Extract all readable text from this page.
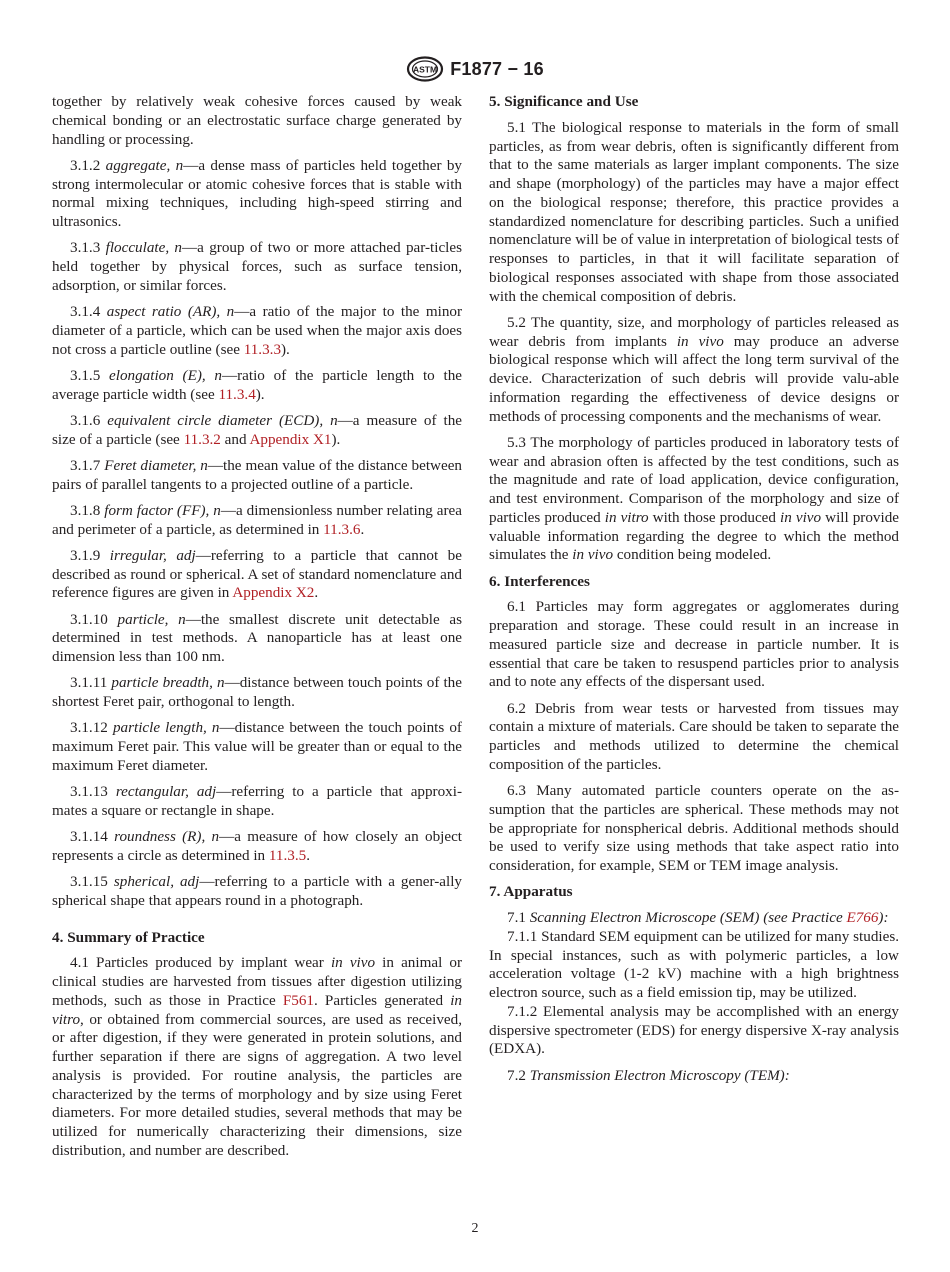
ASTM F1877 − 16

together by relatively weak cohesive forces caused by weak chemical bonding or an electrostatic surface charge generated by handling or processing.

3.1.2 aggregate, n—a dense mass of particles held together by strong intermolecular or atomic cohesive forces that is stable with normal mixing techniques, including high-speed stirring and ultrasonics.

3.1.3 flocculate, n—a group of two or more attached par-ticles held together by physical forces, such as surface tension, adsorption, or similar forces.

3.1.4 aspect ratio (AR), n—a ratio of the major to the minor diameter of a particle, which can be used when the major axis does not cross a particle outline (see 11.3.3).

3.1.5 elongation (E), n—ratio of the particle length to the average particle width (see 11.3.4).

3.1.6 equivalent circle diameter (ECD), n—a measure of the size of a particle (see 11.3.2 and Appendix X1).

3.1.7 Feret diameter, n—the mean value of the distance between pairs of parallel tangents to a projected outline of a particle.

3.1.8 form factor (FF), n—a dimensionless number relating area and perimeter of a particle, as determined in 11.3.6.

3.1.9 irregular, adj—referring to a particle that cannot be described as round or spherical. A set of standard nomenclature and reference figures are given in Appendix X2.

3.1.10 particle, n—the smallest discrete unit detectable as determined in test methods. A nanoparticle has at least one dimension less than 100 nm.

3.1.11 particle breadth, n—distance between touch points of the shortest Feret pair, orthogonal to length.

3.1.12 particle length, n—distance between the touch points of maximum Feret pair. This value will be greater than or equal to the maximum Feret diameter.

3.1.13 rectangular, adj—referring to a particle that approxi-mates a square or rectangle in shape.

3.1.14 roundness (R), n—a measure of how closely an object represents a circle as determined in 11.3.5.

3.1.15 spherical, adj—referring to a particle with a gener-ally spherical shape that appears round in a photograph.

4. Summary of Practice

4.1 Particles produced by implant wear in vivo in animal or clinical studies are harvested from tissues after digestion utilizing methods, such as those in Practice F561. Particles generated in vitro, or obtained from commercial sources, are used as received, or after digestion, if they were generated in protein solutions, and further separation if there are signs of aggregation. A two level analysis is provided. For routine analysis, the particles are characterized by the terms of morphology and by size using Feret diameters. For more detailed studies, several methods that may be utilized for numerically characterizing their dimensions, size distribution, and number are described.

5. Significance and Use

5.1 The biological response to materials in the form of small particles, as from wear debris, often is significantly different from that to the same materials as larger implant components. The size and shape (morphology) of the particles may have a major effect on the biological response; therefore, this practice provides a standardized nomenclature for describing particles. Such a unified nomenclature will be of value in interpretation of biological tests of responses to particles, in that it will facilitate separation of biological responses associated with shape from those associated with the chemical composition of debris.

5.2 The quantity, size, and morphology of particles released as wear debris from implants in vivo may produce an adverse biological response which will affect the long term survival of the device. Characterization of such debris will provide valu-able information regarding the effectiveness of device designs or methods of processing components and the mechanisms of wear.

5.3 The morphology of particles produced in laboratory tests of wear and abrasion often is affected by the test conditions, such as the magnitude and rate of load application, device configuration, and test environment. Comparison of the morphology and size of particles produced in vitro with those produced in vivo will provide valuable information regarding the degree to which the method simulates the in vivo condition being modeled.

6. Interferences

6.1 Particles may form aggregates or agglomerates during preparation and storage. These could result in an increase in measured particle size and decrease in particle number. It is essential that care be taken to resuspend particles prior to analysis and to note any effects of the dispersant used.

6.2 Debris from wear tests or harvested from tissues may contain a mixture of materials. Care should be taken to separate the particles and methods utilized to determine the chemical composition of the particles.

6.3 Many automated particle counters operate on the as-sumption that the particles are spherical. These methods may not be appropriate for nonspherical debris. Additional methods should be used to verify size using methods that take aspect ratio into consideration, for example, SEM or TEM image analysis.

7. Apparatus

7.1 Scanning Electron Microscope (SEM) (see Practice E766):

7.1.1 Standard SEM equipment can be utilized for many studies. In special instances, such as with polymeric particles, a low acceleration voltage (1-2 kV) machine with a high brightness electron source, such as a field emission tip, may be utilized.

7.1.2 Elemental analysis may be accomplished with an energy dispersive spectrometer (EDS) for energy dispersive X-ray analysis (EDXA).

7.2 Transmission Electron Microscopy (TEM):

2
